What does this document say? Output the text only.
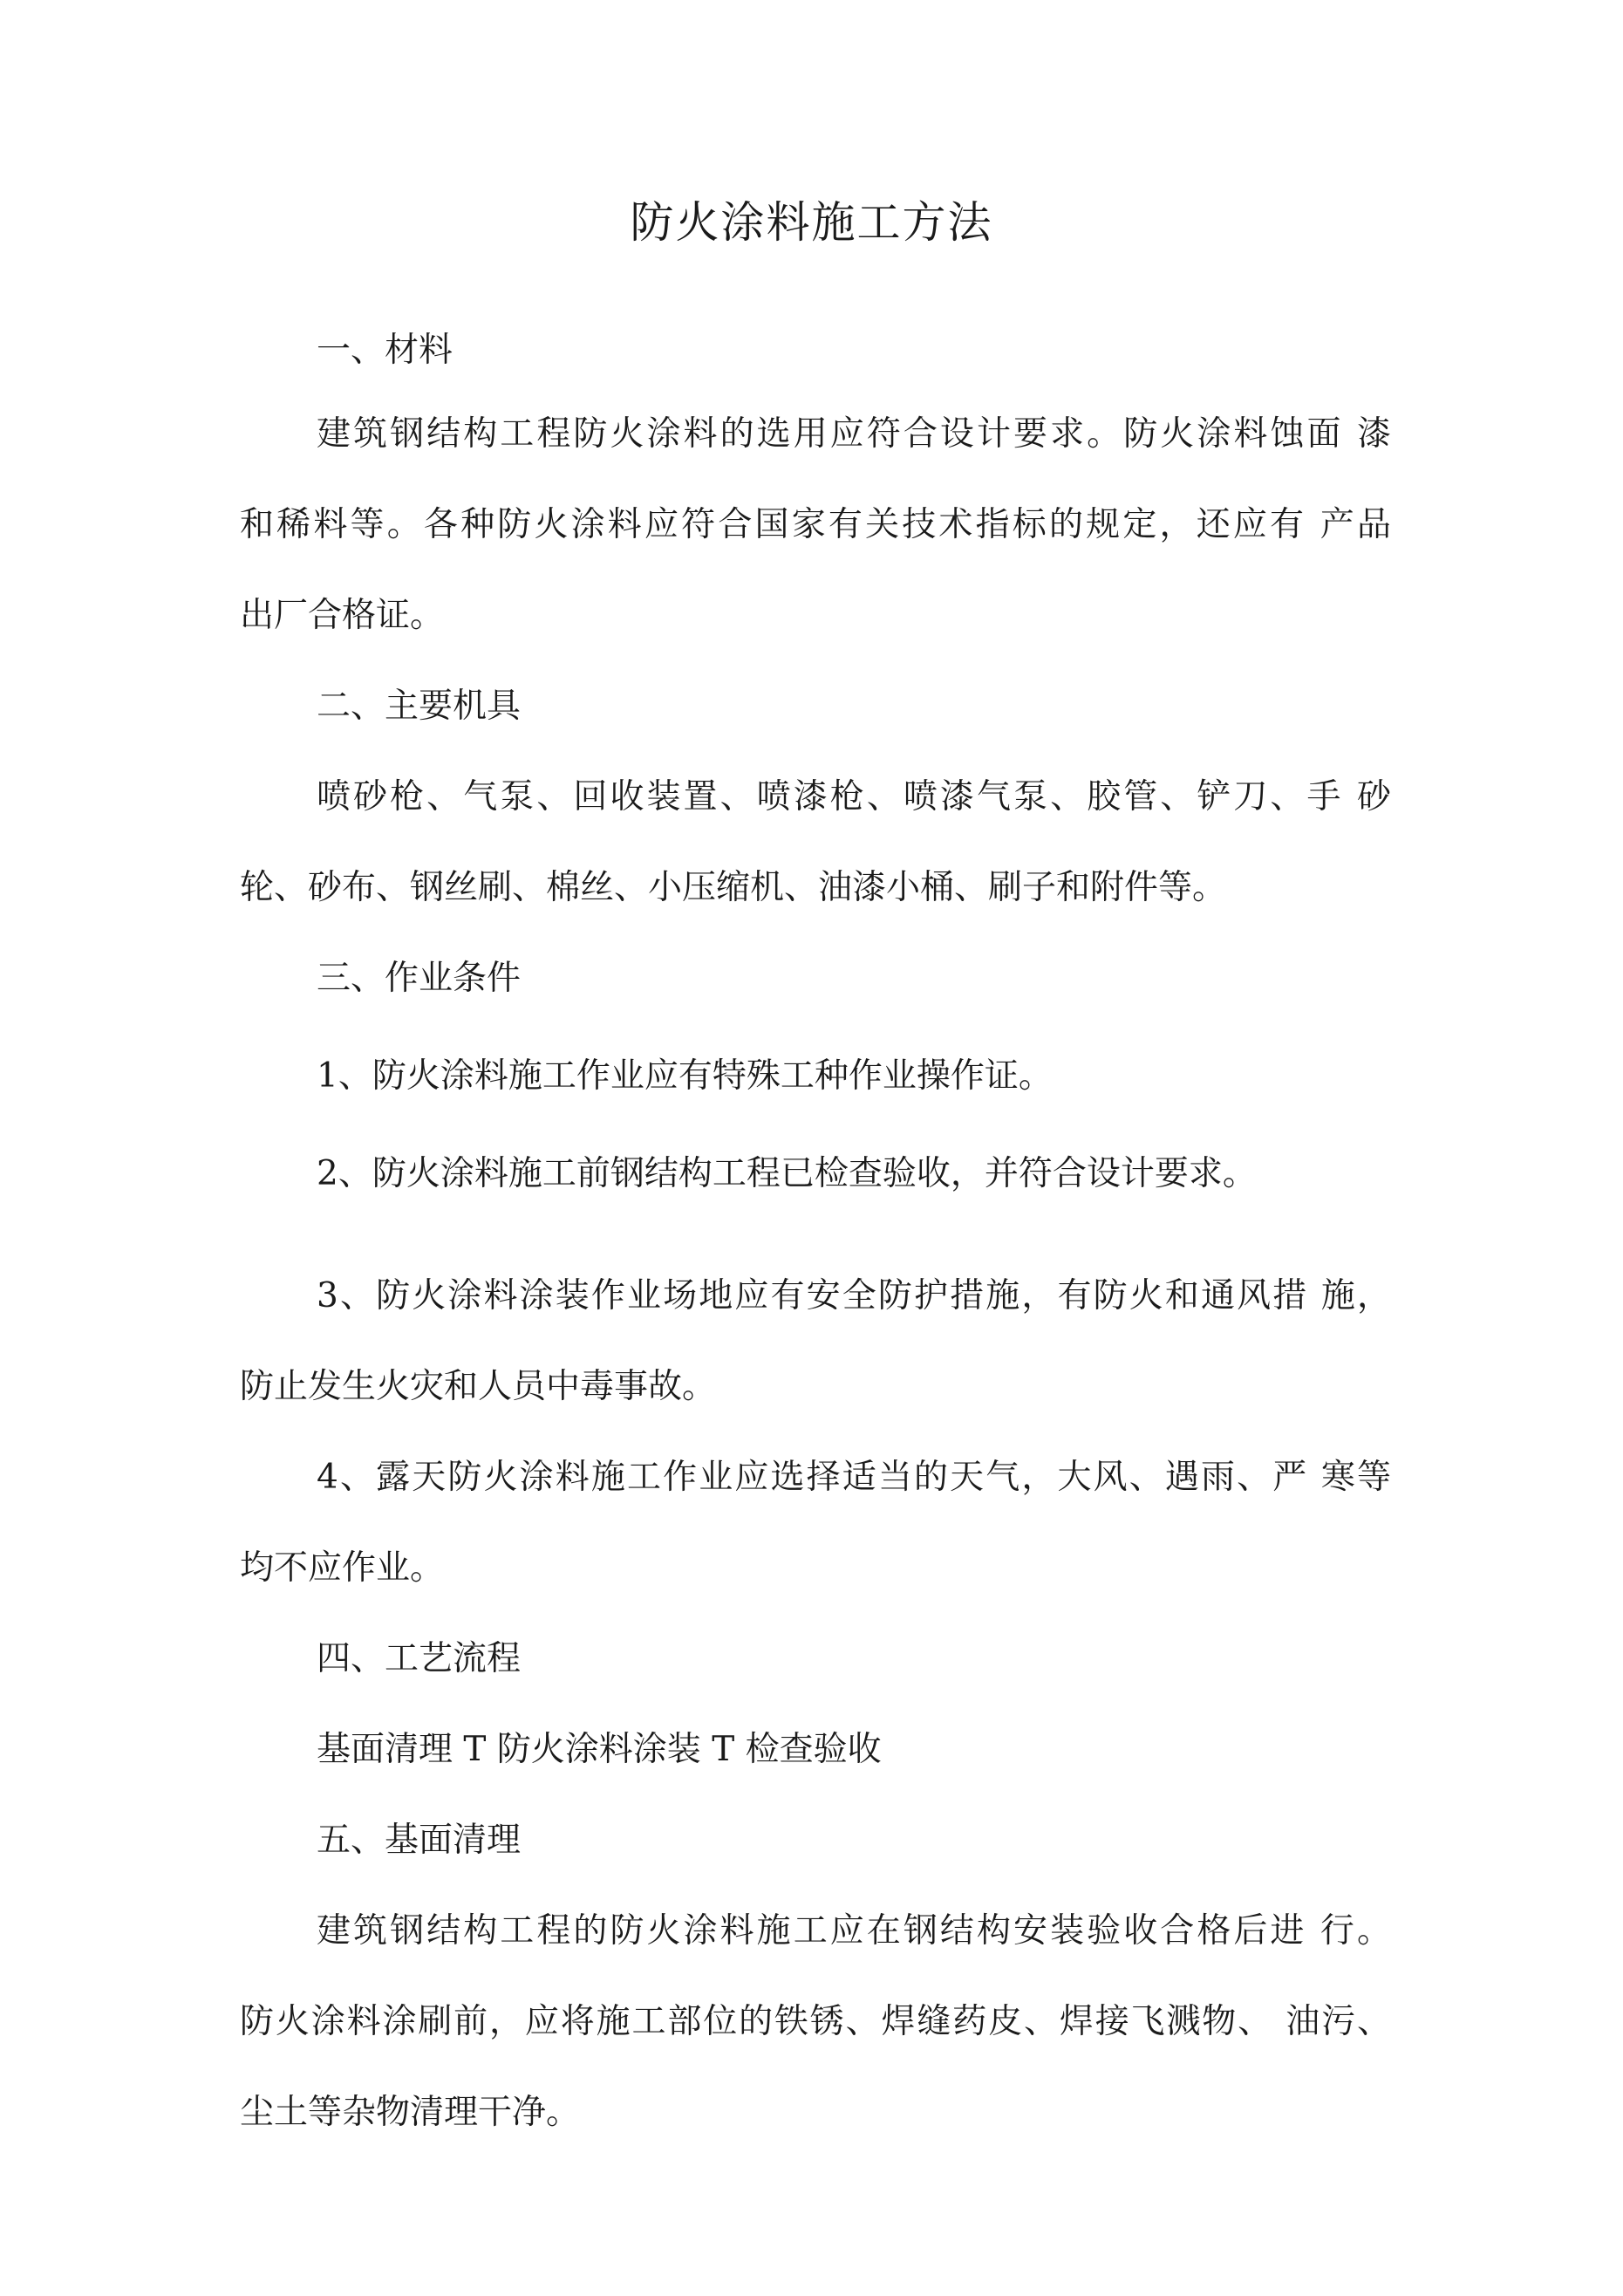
防火涂料施工方法
一、材料
建筑钢结构工程防火涂料的选用应符合设计要求。防火涂料蚀面 漆
和稀料等。各种防火涂料应符合国家有关技术指标的规定，还应有 产品
出厂合格证。
二、主要机具
喷砂枪、气泵、回收装置、喷漆枪、喷漆气泵、胶管、铲刀、手 砂
轮、砂布、钢丝刷、棉丝、小压缩机、油漆小桶、刷子和附件等。
三、作业条件
1、防火涂料施工作业应有特殊工种作业操作证。
2、防火涂料施工前钢结构工程已检查验收，并符合设计要求。
3、防火涂料涂装作业场地应有安全防护措施，有防火和通风措 施，
防止发生火灾和人员中毒事故。
4、露天防火涂料施工作业应选择适当的天气，大风、遇雨、严 寒等
均不应作业。
四、工艺流程
基面清理 T 防火涂料涂装 T 检查验收
五、基面清理
建筑钢结构工程的防火涂料施工应在钢结构安装验收合格后进 行。
防火涂料涂刷前，应将施工部位的铁锈、焊缝药皮、焊接飞溅物、 油污、
尘土等杂物清理干净。
